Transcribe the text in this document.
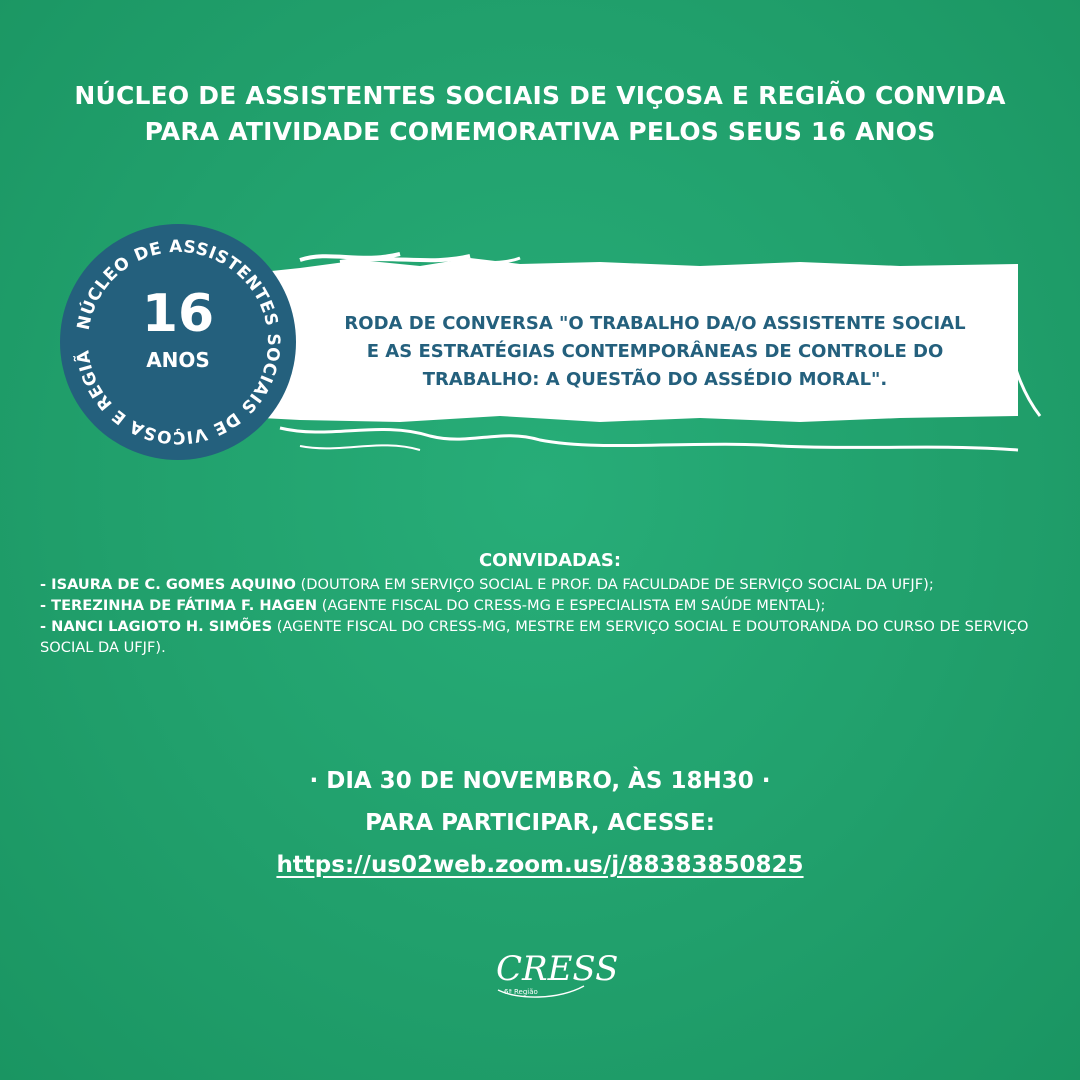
NÚCLEO DE ASSISTENTES SOCIAIS DE VIÇOSA E REGIÃO CONVIDA
PARA ATIVIDADE COMEMORATIVA PELOS SEUS 16 ANOS
RODA DE CONVERSA "O TRABALHO DA/O ASSISTENTE SOCIAL
E AS ESTRATÉGIAS CONTEMPORÂNEAS DE CONTROLE DO
TRABALHO: A QUESTÃO DO ASSÉDIO MORAL".
NÚCLEO DE ASSISTENTES SOCIAIS DE VIÇOSA E REGIÃ
16
ANOS
CONVIDADAS:
- ISAURA DE C. GOMES AQUINO (DOUTORA EM SERVIÇO SOCIAL E PROF. DA FACULDADE DE SERVIÇO SOCIAL DA UFJF);
- TEREZINHA DE FÁTIMA F. HAGEN (AGENTE FISCAL DO CRESS-MG E ESPECIALISTA EM SAÚDE MENTAL);
- NANCI LAGIOTO H. SIMÕES (AGENTE FISCAL DO CRESS-MG, MESTRE EM SERVIÇO SOCIAL E DOUTORANDA DO CURSO DE SERVIÇO SOCIAL DA UFJF).
· DIA 30 DE NOVEMBRO, ÀS 18H30 ·
PARA PARTICIPAR, ACESSE:
https://us02web.zoom.us/j/88383850825
CRESS
6ª Região
